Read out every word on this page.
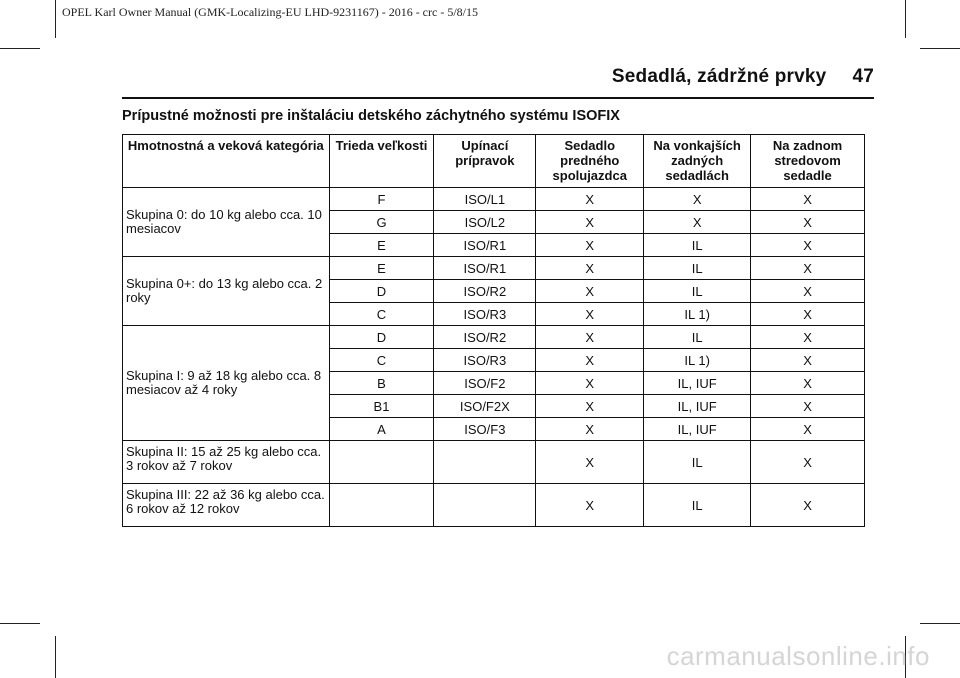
OPEL Karl Owner Manual (GMK-Localizing-EU LHD-9231167) - 2016 - crc - 5/8/15
Sedadlá, zádržné prvky 47
Prípustné možnosti pre inštaláciu detského záchytného systému ISOFIX
Hmotnostná a veková kategória	Trieda veľkosti	Upínací prípravok	Sedadlo predného spolujazdca	Na vonkajších zadných sedadlách	Na zadnom stredovom sedadle
Skupina 0: do 10 kg alebo cca. 10 mesiacov	F	ISO/L1	X	X	X
	G	ISO/L2	X	X	X
	E	ISO/R1	X	IL	X
Skupina 0+: do 13 kg alebo cca. 2 roky	E	ISO/R1	X	IL	X
	D	ISO/R2	X	IL	X
	C	ISO/R3	X	IL 1)	X
Skupina I: 9 až 18 kg alebo cca. 8 mesiacov až 4 roky	D	ISO/R2	X	IL	X
	C	ISO/R3	X	IL 1)	X
	B	ISO/F2	X	IL, IUF	X
	B1	ISO/F2X	X	IL, IUF	X
	A	ISO/F3	X	IL, IUF	X
Skupina II: 15 až 25 kg alebo cca. 3 rokov až 7 rokov			X	IL	X
Skupina III: 22 až 36 kg alebo cca. 6 rokov až 12 rokov			X	IL	X
carmanualsonline.info
